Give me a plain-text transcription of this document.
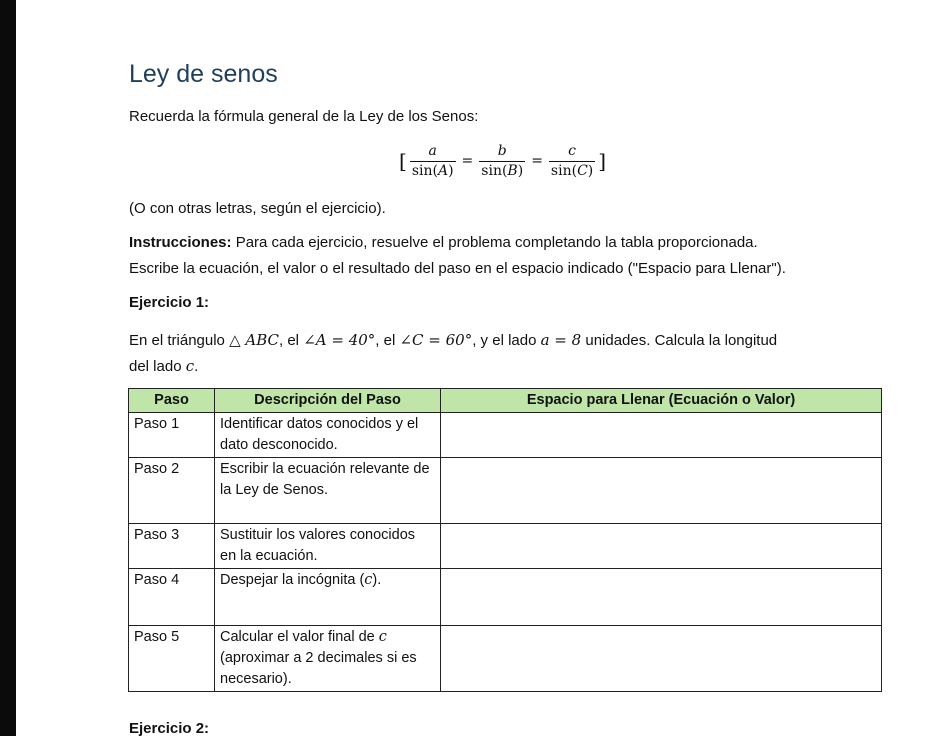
Ley de senos
Recuerda la fórmula general de la Ley de los Senos:
[ $\frac{a}{\sin(A)} = \frac{b}{\sin(B)} = \frac{c}{\sin(C)}$ ]
(O con otras letras, según el ejercicio).
Instrucciones: Para cada ejercicio, resuelve el problema completando la tabla proporcionada.
Escribe la ecuación, el valor o el resultado del paso en el espacio indicado ("Espacio para Llenar").
Ejercicio 1:
En el triángulo △ ABC, el ∠A = 40°, el ∠C = 60°, y el lado a = 8 unidades. Calcula la longitud
del lado c.
Paso	Descripción del Paso	Espacio para Llenar (Ecuación o Valor)
Paso 1	Identificar datos conocidos y el dato desconocido.	
Paso 2	Escribir la ecuación relevante de la Ley de Senos.	
Paso 3	Sustituir los valores conocidos en la ecuación.	
Paso 4	Despejar la incógnita (c).	
Paso 5	Calcular el valor final de c (aproximar a 2 decimales si es necesario).	
Ejercicio 2:
